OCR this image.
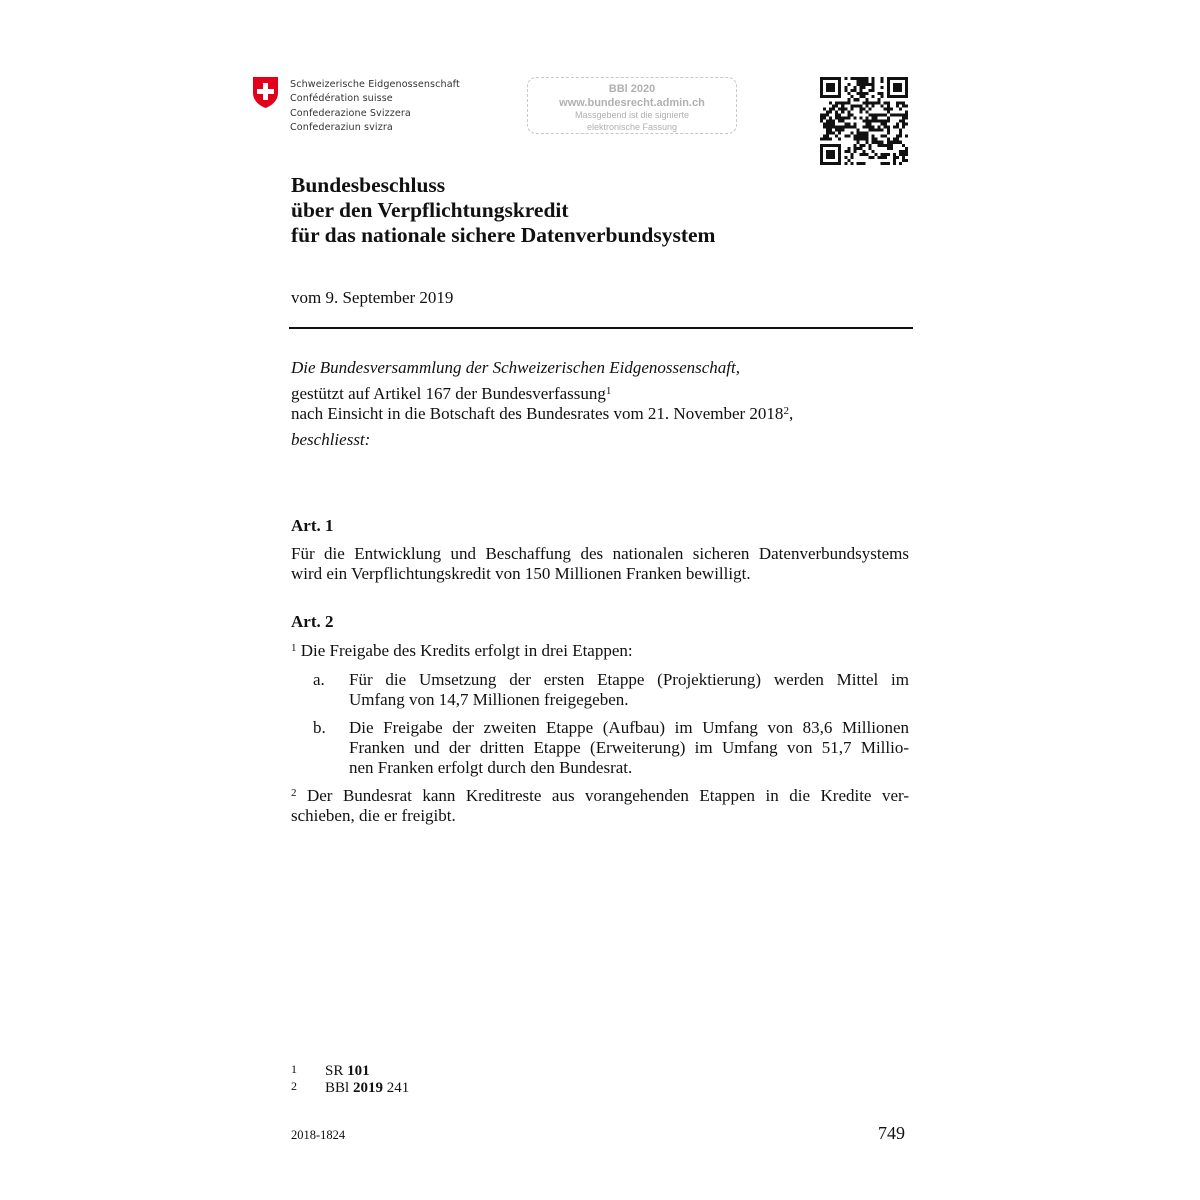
Schweizerische Eidgenossenschaft
Confédération suisse
Confederazione Svizzera
Confederaziun svizra
BBl 2020
www.bundesrecht.admin.ch
Massgebend ist die signierte
elektronische Fassung
Bundesbeschluss
über den Verpflichtungskredit
für das nationale sichere Datenverbundsystem
vom 9. September 2019
Die Bundesversammlung der Schweizerischen Eidgenossenschaft,
gestützt auf Artikel 167 der Bundesverfassung$^1$
nach Einsicht in die Botschaft des Bundesrates vom 21. November 2018$^2$,
beschliesst:
Art. 1
Für die Entwicklung und Beschaffung des nationalen sicheren Datenverbundsystems
wird ein Verpflichtungskredit von 150 Millionen Franken bewilligt.
Art. 2
$^1$ Die Freigabe des Kredits erfolgt in drei Etappen:
a. Für die Umsetzung der ersten Etappe (Projektierung) werden Mittel im
Umfang von 14,7 Millionen freigegeben.
b. Die Freigabe der zweiten Etappe (Aufbau) im Umfang von 83,6 Millionen
Franken und der dritten Etappe (Erweiterung) im Umfang von 51,7 Millio-
nen Franken erfolgt durch den Bundesrat.
$^2$ Der Bundesrat kann Kreditreste aus vorangehenden Etappen in die Kredite ver-
schieben, die er freigibt.
1 SR 101
2 BBl 2019 241
2018-1824	749
